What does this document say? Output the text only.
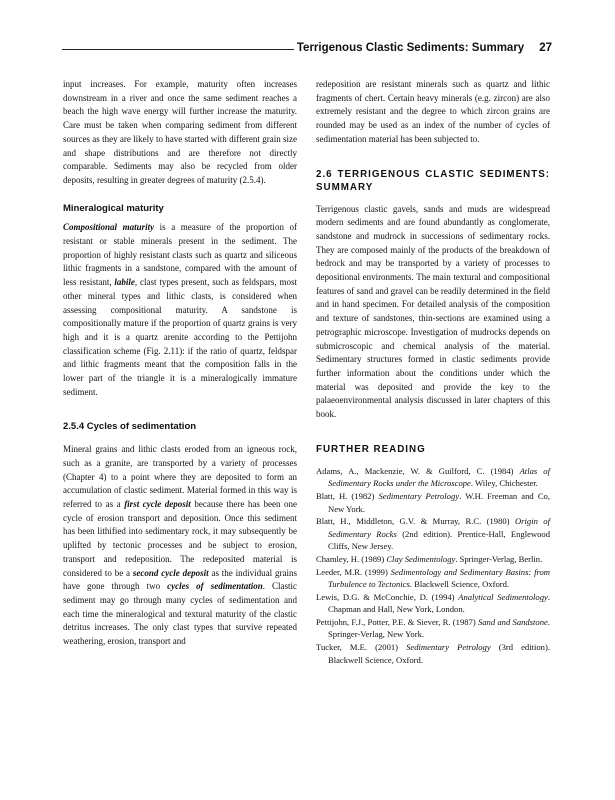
Terrigenous Clastic Sediments: Summary 27

input increases. For example, maturity often increases downstream in a river and once the same sediment reaches a beach the high wave energy will further increase the maturity. Care must be taken when comparing sediment from different sources as they are likely to have started with different grain size and shape distributions and are therefore not directly comparable. Sediments may also be recycled from older deposits, resulting in greater degrees of maturity (2.5.4).

Mineralogical maturity

Compositional maturity is a measure of the proportion of resistant or stable minerals present in the sediment. The proportion of highly resistant clasts such as quartz and siliceous lithic fragments in a sandstone, compared with the amount of less resistant, labile, clast types present, such as feldspars, most other mineral types and lithic clasts, is considered when assessing compositional maturity. A sandstone is compositionally mature if the proportion of quartz grains is very high and it is a quartz arenite according to the Pettijohn classification scheme (Fig. 2.11): if the ratio of quartz, feldspar and lithic fragments meant that the composition falls in the lower part of the triangle it is a mineralogically immature sediment.

2.5.4 Cycles of sedimentation

Mineral grains and lithic clasts eroded from an igneous rock, such as a granite, are transported by a variety of processes (Chapter 4) to a point where they are deposited to form an accumulation of clastic sediment. Material formed in this way is referred to as a first cycle deposit because there has been one cycle of erosion transport and deposition. Once this sediment has been lithified into sedimentary rock, it may subsequently be uplifted by tectonic processes and be subject to erosion, transport and redeposition. The redeposited material is considered to be a second cycle deposit as the individual grains have gone through two cycles of sedimentation. Clastic sediment may go through many cycles of sedimentation and each time the mineralogical and textural maturity of the clastic detritus increases. The only clast types that survive repeated weathering, erosion, transport and

redeposition are resistant minerals such as quartz and lithic fragments of chert. Certain heavy minerals (e.g. zircon) are also extremely resistant and the degree to which zircon grains are rounded may be used as an index of the number of cycles of sedimentation material has been subjected to.

2.6 TERRIGENOUS CLASTIC SEDIMENTS: SUMMARY

Terrigenous clastic gavels, sands and muds are widespread modern sediments and are found abundantly as conglomerate, sandstone and mudrock in successions of sedimentary rocks. They are composed mainly of the products of the breakdown of bedrock and may be transported by a variety of processes to depositional environments. The main textural and compositional features of sand and gravel can be readily determined in the field and in hand specimen. For detailed analysis of the composition and texture of sandstones, thin-sections are examined using a petrographic microscope. Investigation of mudrocks depends on submicroscopic and chemical analysis of the material. Sedimentary structures formed in clastic sediments provide further information about the conditions under which the material was deposited and provide the key to the palaeoenvironmental analysis discussed in later chapters of this book.

FURTHER READING

Adams, A., Mackenzie, W. & Guilford, C. (1984) Atlas of Sedimentary Rocks under the Microscope. Wiley, Chichester.

Blatt, H. (1982) Sedimentary Petrology. W.H. Freeman and Co, New York.

Blatt, H., Middleton, G.V. & Murray, R.C. (1980) Origin of Sedimentary Rocks (2nd edition). Prentice-Hall, Englewood Cliffs, New Jersey.

Chamley, H. (1989) Clay Sedimentology. Springer-Verlag, Berlin.

Leeder, M.R. (1999) Sedimentology and Sedimentary Basins: from Turbulence to Tectonics. Blackwell Science, Oxford.

Lewis, D.G. & McConchie, D. (1994) Analytical Sedimentology. Chapman and Hall, New York, London.

Pettijohn, F.J., Potter, P.E. & Siever, R. (1987) Sand and Sandstone. Springer-Verlag, New York.

Tucker, M.E. (2001) Sedimentary Petrology (3rd edition). Blackwell Science, Oxford.
